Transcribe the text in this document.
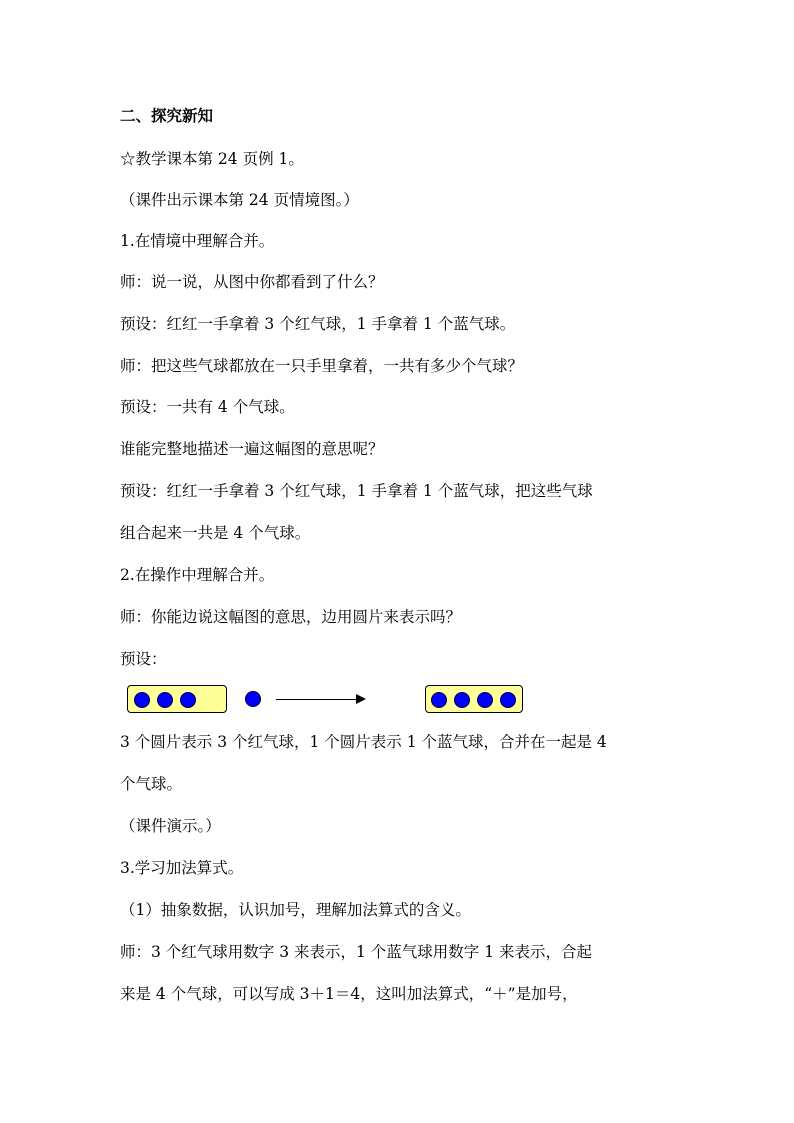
二、探究新知
☆教学课本第 24 页例 1。
（课件出示课本第 24 页情境图。）
1.在情境中理解合并。
师：说一说，从图中你都看到了什么？
预设：红红一手拿着 3 个红气球，1 手拿着 1 个蓝气球。
师：把这些气球都放在一只手里拿着，一共有多少个气球？
预设：一共有 4 个气球。
谁能完整地描述一遍这幅图的意思呢？
预设：红红一手拿着 3 个红气球，1 手拿着 1 个蓝气球，把这些气球
组合起来一共是 4 个气球。
2.在操作中理解合并。
师：你能边说这幅图的意思，边用圆片来表示吗？
预设：
3 个圆片表示 3 个红气球，1 个圆片表示 1 个蓝气球，合并在一起是 4
个气球。
（课件演示。）
3.学习加法算式。
（1）抽象数据，认识加号，理解加法算式的含义。
师：3 个红气球用数字 3 来表示，1 个蓝气球用数字 1 来表示，合起
来是 4 个气球，可以写成 3＋1＝4，这叫加法算式，“＋”是加号，
